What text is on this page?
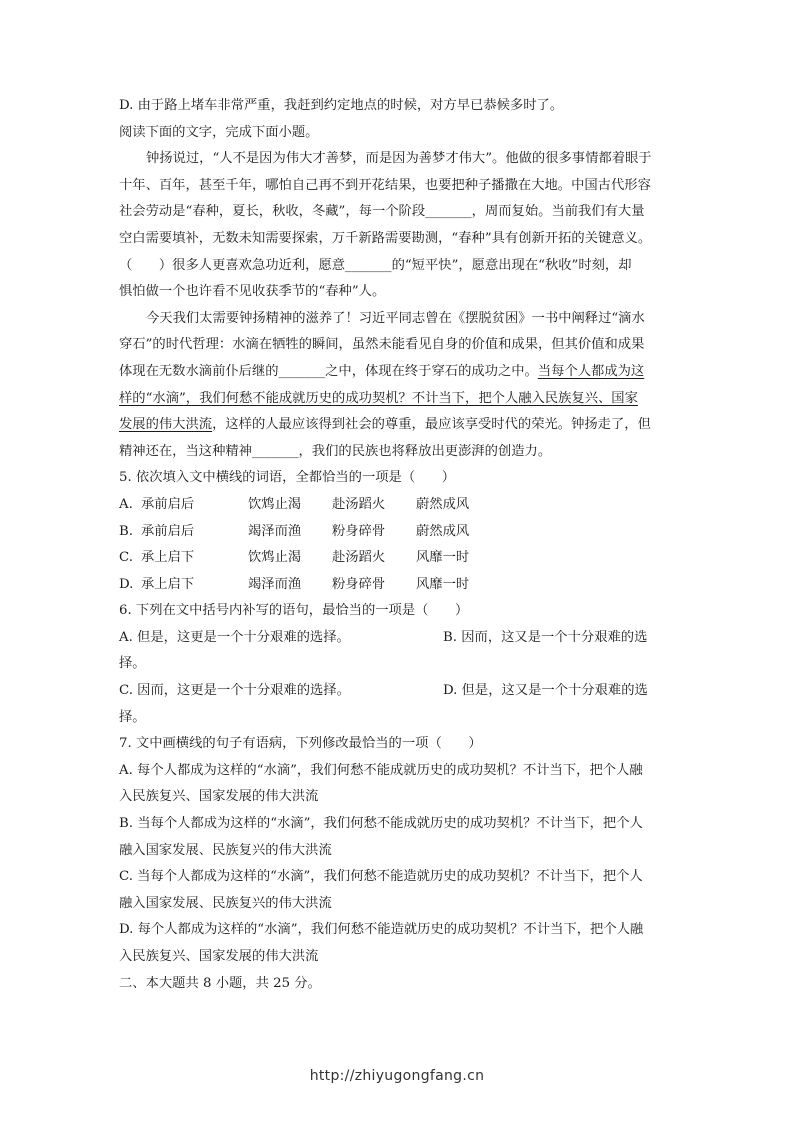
D. 由于路上堵车非常严重，我赶到约定地点的时候，对方早已恭候多时了。
阅读下面的文字，完成下面小题。
钟扬说过，“人不是因为伟大才善梦，而是因为善梦才伟大”。他做的很多事情都着眼于
十年、百年，甚至千年，哪怕自己再不到开花结果，也要把种子播撒在大地。中国古代形容
社会劳动是“春种，夏长，秋收，冬藏”，每一个阶段_______，周而复始。当前我们有大量
空白需要填补，无数未知需要探索，万千新路需要勘测，“春种”具有创新开拓的关键意义。
（　　）很多人更喜欢急功近利，愿意_______的“短平快”，愿意出现在“秋收”时刻，却
惧怕做一个也许看不见收获季节的“春种”人。
今天我们太需要钟扬精神的滋养了！习近平同志曾在《摆脱贫困》一书中阐释过“滴水
穿石”的时代哲理：水滴在牺牲的瞬间，虽然未能看见自身的价值和成果，但其价值和成果
体现在无数水滴前仆后继的_______之中，体现在终于穿石的成功之中。当每个人都成为这
样的“水滴”，我们何愁不能成就历史的成功契机？不计当下，把个人融入民族复兴、国家
发展的伟大洪流，这样的人最应该得到社会的尊重，最应该享受时代的荣光。钟扬走了，但
精神还在，当这种精神_______，我们的民族也将释放出更澎湃的创造力。
5. 依次填入文中横线的词语，全都恰当的一项是（　　）
A. 承前启后	饮鸩止渴	赴汤蹈火	蔚然成风
B. 承前启后	竭泽而渔	粉身碎骨	蔚然成风
C. 承上启下	饮鸩止渴	赴汤蹈火	风靡一时
D. 承上启下	竭泽而渔	粉身碎骨	风靡一时
6. 下列在文中括号内补写的语句，最恰当的一项是（　　）
A. 但是，这更是一个十分艰难的选择。	B. 因而，这又是一个十分艰难的选
择。
C. 因而，这更是一个十分艰难的选择。	D. 但是，这又是一个十分艰难的选
择。
7. 文中画横线的句子有语病，下列修改最恰当的一项（　　）
A. 每个人都成为这样的“水滴”，我们何愁不能成就历史的成功契机？不计当下，把个人融
入民族复兴、国家发展的伟大洪流
B. 当每个人都成为这样的“水滴”，我们何愁不能成就历史的成功契机？不计当下，把个人
融入国家发展、民族复兴的伟大洪流
C. 当每个人都成为这样的“水滴”，我们何愁不能造就历史的成功契机？不计当下，把个人
融入国家发展、民族复兴的伟大洪流
D. 每个人都成为这样的“水滴”，我们何愁不能造就历史的成功契机？不计当下，把个人融
入民族复兴、国家发展的伟大洪流
二、本大题共 8 小题，共 25 分。
http://zhiyugongfang.cn
